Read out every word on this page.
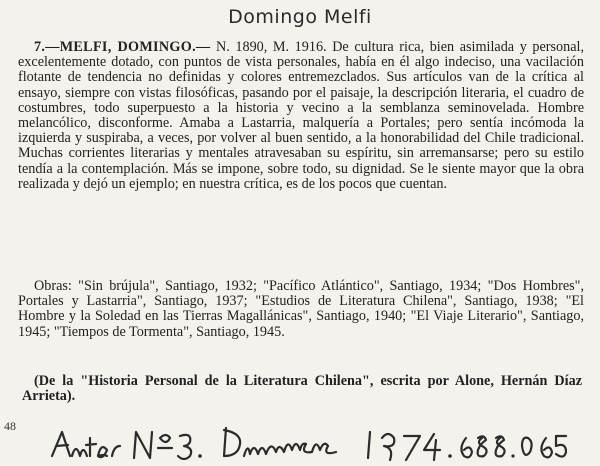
Domingo Melfi

7.—MELFI, DOMINGO.— N. 1890, M. 1916. De cultura rica, bien asimilada y personal, excelentemente dotado, con puntos de vista personales, había en él algo indeciso, una vacilación flotante de tendencia no definidas y colores entremezclados. Sus artículos van de la crítica al ensayo, siempre con vistas filosóficas, pasando por el paisaje, la descripción literaria, el cuadro de costumbres, todo superpuesto a la historia y vecino a la semblanza seminovelada. Hombre melancólico, disconforme. Amaba a Lastarria, malquería a Portales; pero sentía incómoda la izquierda y suspiraba, a veces, por volver al buen sentido, a la honorabilidad del Chile tradicional. Muchas corrientes literarias y mentales atravesaban su espíritu, sin arremansarse; pero su estilo tendía a la contemplación. Más se impone, sobre todo, su dignidad. Se le siente mayor que la obra realizada y dejó un ejemplo; en nuestra crítica, es de los pocos que cuentan.

Obras: "Sin brújula", Santiago, 1932; "Pacífico Atlántico", Santiago, 1934; "Dos Hombres", Portales y Lastarria", Santiago, 1937; "Estudios de Literatura Chilena", Santiago, 1938; "El Hombre y la Soledad en las Tierras Magallánicas", Santiago, 1940; "El Viaje Literario", Santiago, 1945; "Tiempos de Tormenta", Santiago, 1945.

(De la "Historia Personal de la Literatura Chilena", escrita por Alone, Hernán Díaz Arrieta).

48
